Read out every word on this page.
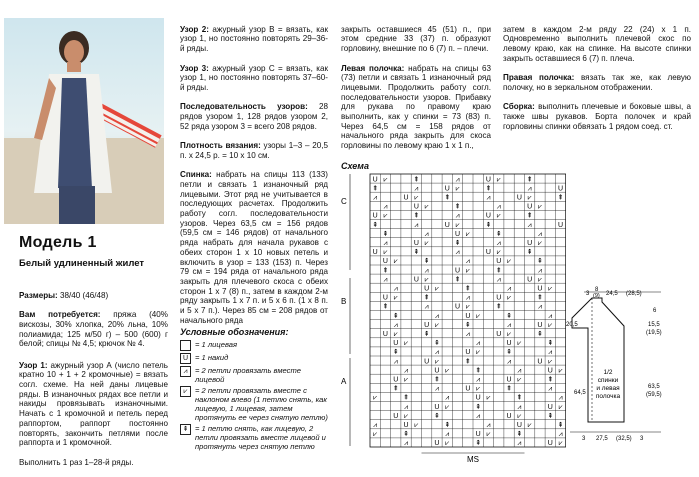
Модель 1
Белый удлиненный жилет

Размеры: 38/40 (46/48)

Вам потребуется: пряжа (40% вискозы, 30% хлопка, 20% льна, 10% полиамида; 125 м/50 г) – 500 (600) г белой; спицы № 4,5; крючок № 4.

Узор 1: ажурный узор А (число петель кратно 10 + 1 + 2 кромочные) = вязать согл. схеме. На ней даны лицевые ряды. В изнаночных рядах все петли и накиды провязывать изнаночными. Начать с 1 кромочной и петель перед раппортом, раппорт постоянно повторять, закончить петлями после раппорта и 1 кромочной.

Выполнить 1 раз 1–28-й ряды.

Узор 2: ажурный узор В = вязать, как узор 1, но постоянно повторять 29–36-й ряды.

Узор 3: ажурный узор С = вязать, как узор 1, но постоянно повторять 37–60-й ряды.

Последовательность узоров: 28 рядов узором 1, 128 рядов узором 2, 52 ряда узором 3 = всего 208 рядов.

Плотность вязания: узоры 1–3 – 20,5 п. х 24,5 р. = 10 х 10 см.

Спинка: набрать на спицы 113 (133) петли и связать 1 изнаночный ряд лицевыми. Этот ряд не учитывается в последующих расчетах. Продолжить работу согл. последовательности узоров. Через 63,5 см = 156 рядов (59,5 см = 146 рядов) от начального ряда набрать для начала рукавов с обеих сторон 1 х 10 новых петель и включить в узор = 133 (153) п. Через 79 см = 194 ряда от начального ряда закрыть для плечевого скоса с обеих сторон 1 х 7 (8) п., затем в каждом 2-м ряду закрыть 1 х 7 п. и 5 х 6 п. (1 х 8 п. и 5 х 7 п.). Через 85 см = 208 рядов от начального ряда

Условные обозначения:
= 1 лицевая
U = 1 накид
⩘ = 2 петли провязать вместе лицевой
⩗ = 2 петли провязать вместе с наклоном влево (1 петлю снять, как лицевую, 1 лицевая, затем протянуть ее через снятую петлю)
⇞ = 1 петлю снять, как лицевую, 2 петли провязать вместе лицевой и протянуть через снятую петлю

закрыть оставшиеся 45 (51) п., при этом средние 33 (37) п. образуют горловину, внешние по 6 (7) п. – плечи.

Левая полочка: набрать на спицы 63 (73) петли и связать 1 изнаночный ряд лицевыми. Продолжить работу согл. последовательности узоров. Прибавку для рукава по правому краю выполнить, как у спинки = 73 (83) п. Через 64,5 см = 158 рядов от начального ряда закрыть для скоса горловины по левому краю 1 х 1 п.,

затем в каждом 2-м ряду 22 (24) х 1 п. Одновременно выполнить плечевой скос по левому краю, как на спинке. На высоте спинки закрыть оставшиеся 6 (7) п. плеча.

Правая полочка: вязать так же, как левую полочку, но в зеркальном отображении.

Сборка: выполнить плечевые и боковые швы, а также швы рукавов. Борта полочек и край горловины спинки обвязать 1 рядом соед. ст.

Схема
U ⩗	⇞	⩘	U ⩗	⇞
⇞	⩘	U ⩗	⇞	⩘	U
⩘	U ⩗	⇞	⩘	U ⩗	⇞
⩘	U ⩗	⇞	⩘	U ⩗
U ⩗	⇞	⩘	U ⩗	⇞
⇞	⩘	U ⩗	⇞	⩘	U
⇞	⩘	U ⩗	⇞	⩘
⩘	U ⩗	⇞	⩘	U ⩗
U ⩗	⇞	⩘	U ⩗	⇞
U ⩗	⇞	⩘	U ⩗	⇞
⇞	⩘	U ⩗	⇞	⩘
⩘	U ⩗	⇞	⩘	U ⩗
⩘	U ⩗	⇞	⩘	U ⩗
U ⩗	⇞	⩘	U ⩗	⇞
⇞	⩘	U ⩗	⇞	⩘
⇞	⩘	U ⩗	⇞	⩘
⩘	U ⩗	⇞	⩘	U ⩗
U ⩗	⇞	⩘	U ⩗	⇞
U ⩗	⇞	⩘	U ⩗	⇞
⇞	⩘	U ⩗	⇞	⩘
⩘	U ⩗	⇞	⩘	U ⩗
⩘	U ⩗	⇞	⩘	U ⩗
U ⩗	⇞	⩘	U ⩗	⇞
⇞	⩘	U ⩗	⇞	⩘
⩗	⇞	⩘	U ⩗	⇞	⩘
⩘	U ⩗	⇞	⩘	U ⩗
U ⩗	⇞	⩘	U ⩗	⇞
⩘	U ⩗	⇞	⩘	U ⩗	⇞
⩗	⇞	⩘	U ⩗	⇞	⩘
⩘	U ⩗	⇞	⩘	U ⩗
C
B
A
MS
3
8
(9) 24,5 (28,5)
20,5
6
15,5
(19,5)
64,5
63,5
(59,5)
1/2
спинки
и левая
полочка
3 27,5 (32,5) 3
